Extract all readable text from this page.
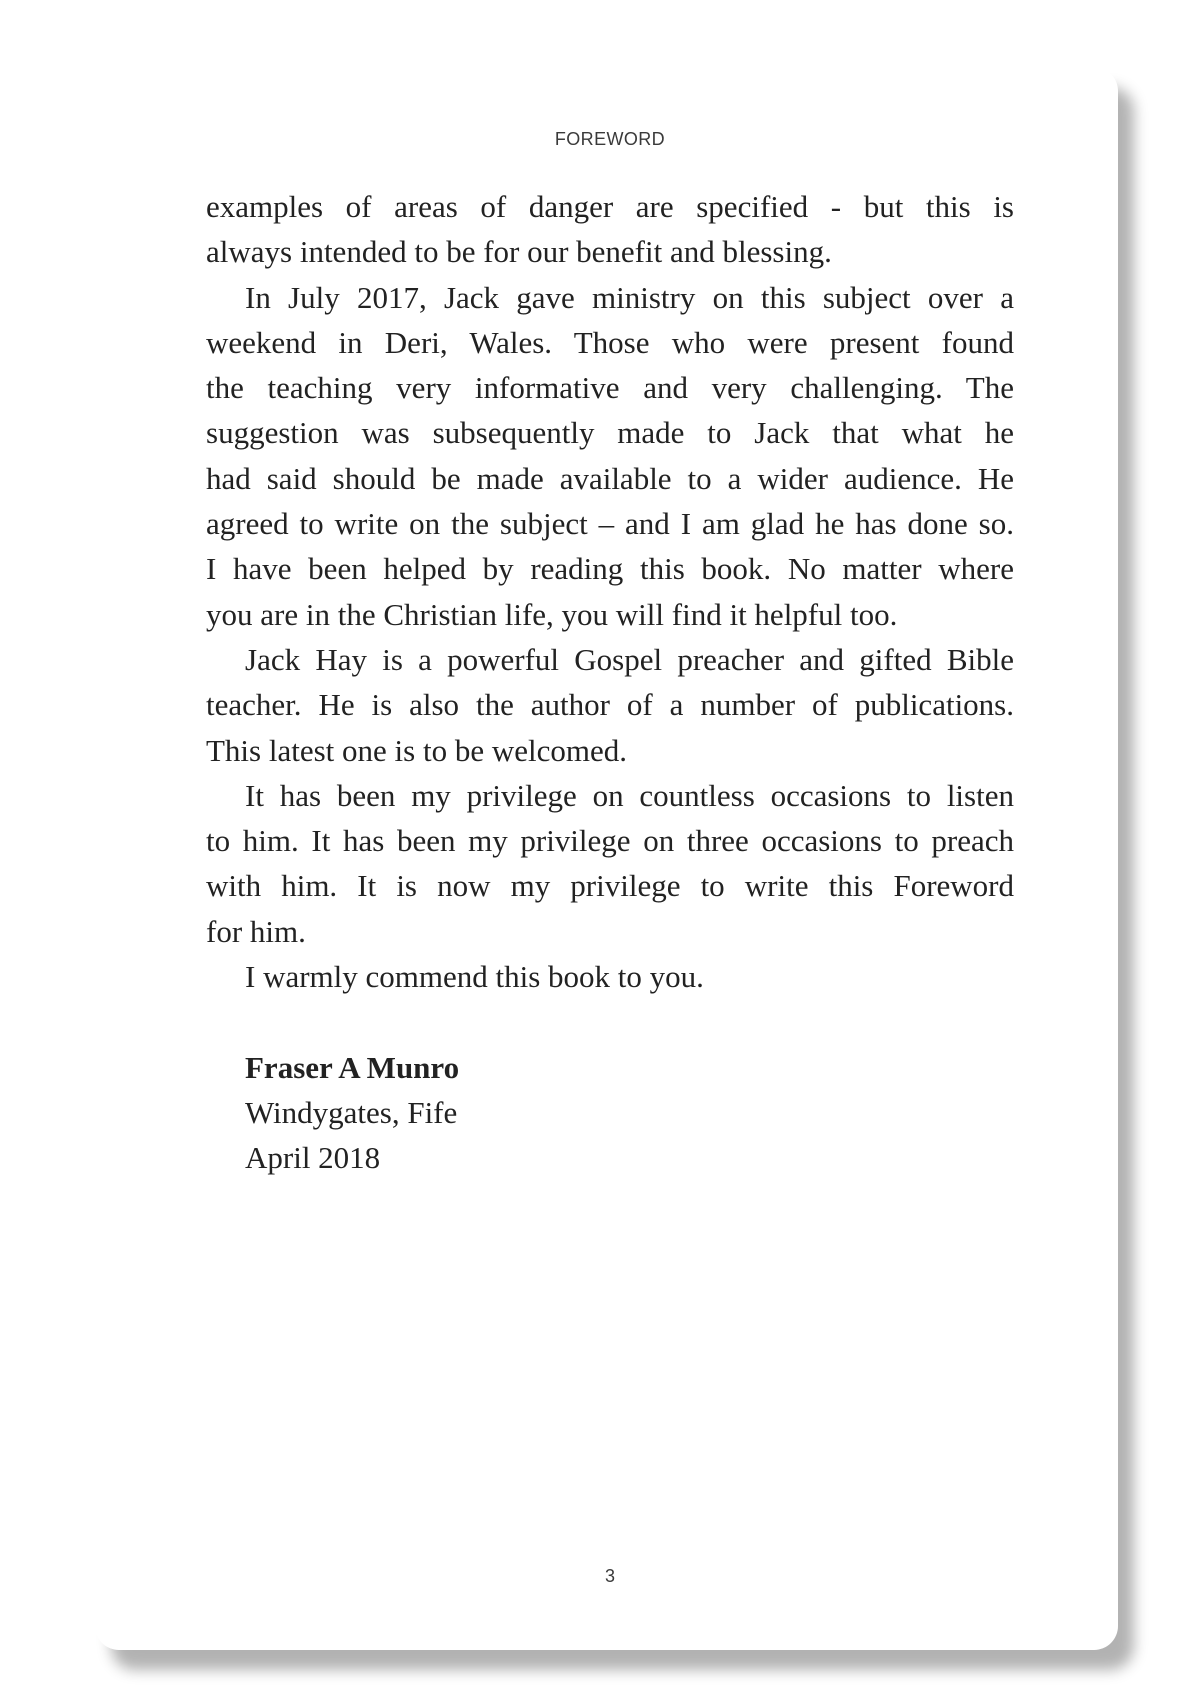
FOREWORD
examples of areas of danger are specified - but this is
always intended to be for our benefit and blessing.
In July 2017, Jack gave ministry on this subject over a
weekend in Deri, Wales. Those who were present found
the teaching very informative and very challenging. The
suggestion was subsequently made to Jack that what he
had said should be made available to a wider audience. He
agreed to write on the subject – and I am glad he has done so.
I have been helped by reading this book. No matter where
you are in the Christian life, you will find it helpful too.
Jack Hay is a powerful Gospel preacher and gifted Bible
teacher. He is also the author of a number of publications.
This latest one is to be welcomed.
It has been my privilege on countless occasions to listen
to him. It has been my privilege on three occasions to preach
with him. It is now my privilege to write this Foreword
for him.
I warmly commend this book to you.
Fraser A Munro
Windygates, Fife
April 2018
3
